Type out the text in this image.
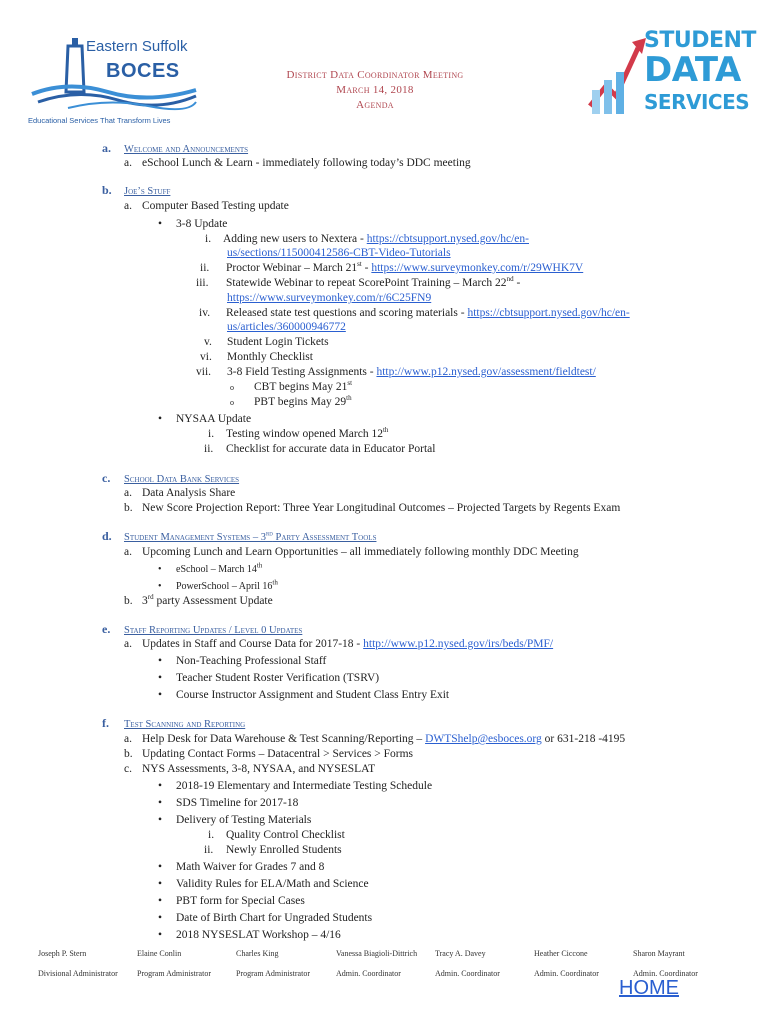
Eastern Suffolk
BOCES
Educational Services That Transform Lives
District Data Coordinator Meeting
March 14, 2018
Agenda
STUDENT
DATA
SERVICES
a. Welcome and Announcements
a. eSchool Lunch & Learn - immediately following today’s DDC meeting
b. Joe’s Stuff
a. Computer Based Testing update
• 3-8 Update
i. Adding new users to Nextera - https://cbtsupport.nysed.gov/hc/en-
us/sections/115000412586-CBT-Video-Tutorials
ii. Proctor Webinar – March 21st - https://www.surveymonkey.com/r/29WHK7V
iii. Statewide Webinar to repeat ScorePoint Training – March 22nd -
https://www.surveymonkey.com/r/6C25FN9
iv. Released state test questions and scoring materials - https://cbtsupport.nysed.gov/hc/en-
us/articles/360000946772
v. Student Login Tickets
vi. Monthly Checklist
vii. 3-8 Field Testing Assignments - http://www.p12.nysed.gov/assessment/fieldtest/
o CBT begins May 21st
o PBT begins May 29th
• NYSAA Update
i. Testing window opened March 12th
ii. Checklist for accurate data in Educator Portal
c. School Data Bank Services
a. Data Analysis Share
b. New Score Projection Report: Three Year Longitudinal Outcomes – Projected Targets by Regents Exam
d. Student Management Systems – 3rd Party Assessment Tools
a. Upcoming Lunch and Learn Opportunities – all immediately following monthly DDC Meeting
• eSchool – March 14th
• PowerSchool – April 16th
b. 3rd party Assessment Update
e. Staff Reporting Updates / Level 0 Updates
a. Updates in Staff and Course Data for 2017-18 - http://www.p12.nysed.gov/irs/beds/PMF/
• Non-Teaching Professional Staff
• Teacher Student Roster Verification (TSRV)
• Course Instructor Assignment and Student Class Entry Exit
f. Test Scanning and Reporting
a. Help Desk for Data Warehouse & Test Scanning/Reporting – DWTShelp@esboces.org or 631-218 -4195
b. Updating Contact Forms – Datacentral > Services > Forms
c. NYS Assessments, 3-8, NYSAA, and NYSESLAT
• 2018-19 Elementary and Intermediate Testing Schedule
• SDS Timeline for 2017-18
• Delivery of Testing Materials
i. Quality Control Checklist
ii. Newly Enrolled Students
• Math Waiver for Grades 7 and 8
• Validity Rules for ELA/Math and Science
• PBT form for Special Cases
• Date of Birth Chart for Ungraded Students
• 2018 NYSESLAT Workshop – 4/16
Joseph P. Stern
Divisional Administrator
Elaine Conlin
Program Administrator
Charles King
Program Administrator
Vanessa Biagioli-Dittrich
Admin. Coordinator
Tracy A. Davey
Admin. Coordinator
Heather Cicconе
Admin. Coordinator
Sharon Mayrant
Admin. Coordinator
HOME
